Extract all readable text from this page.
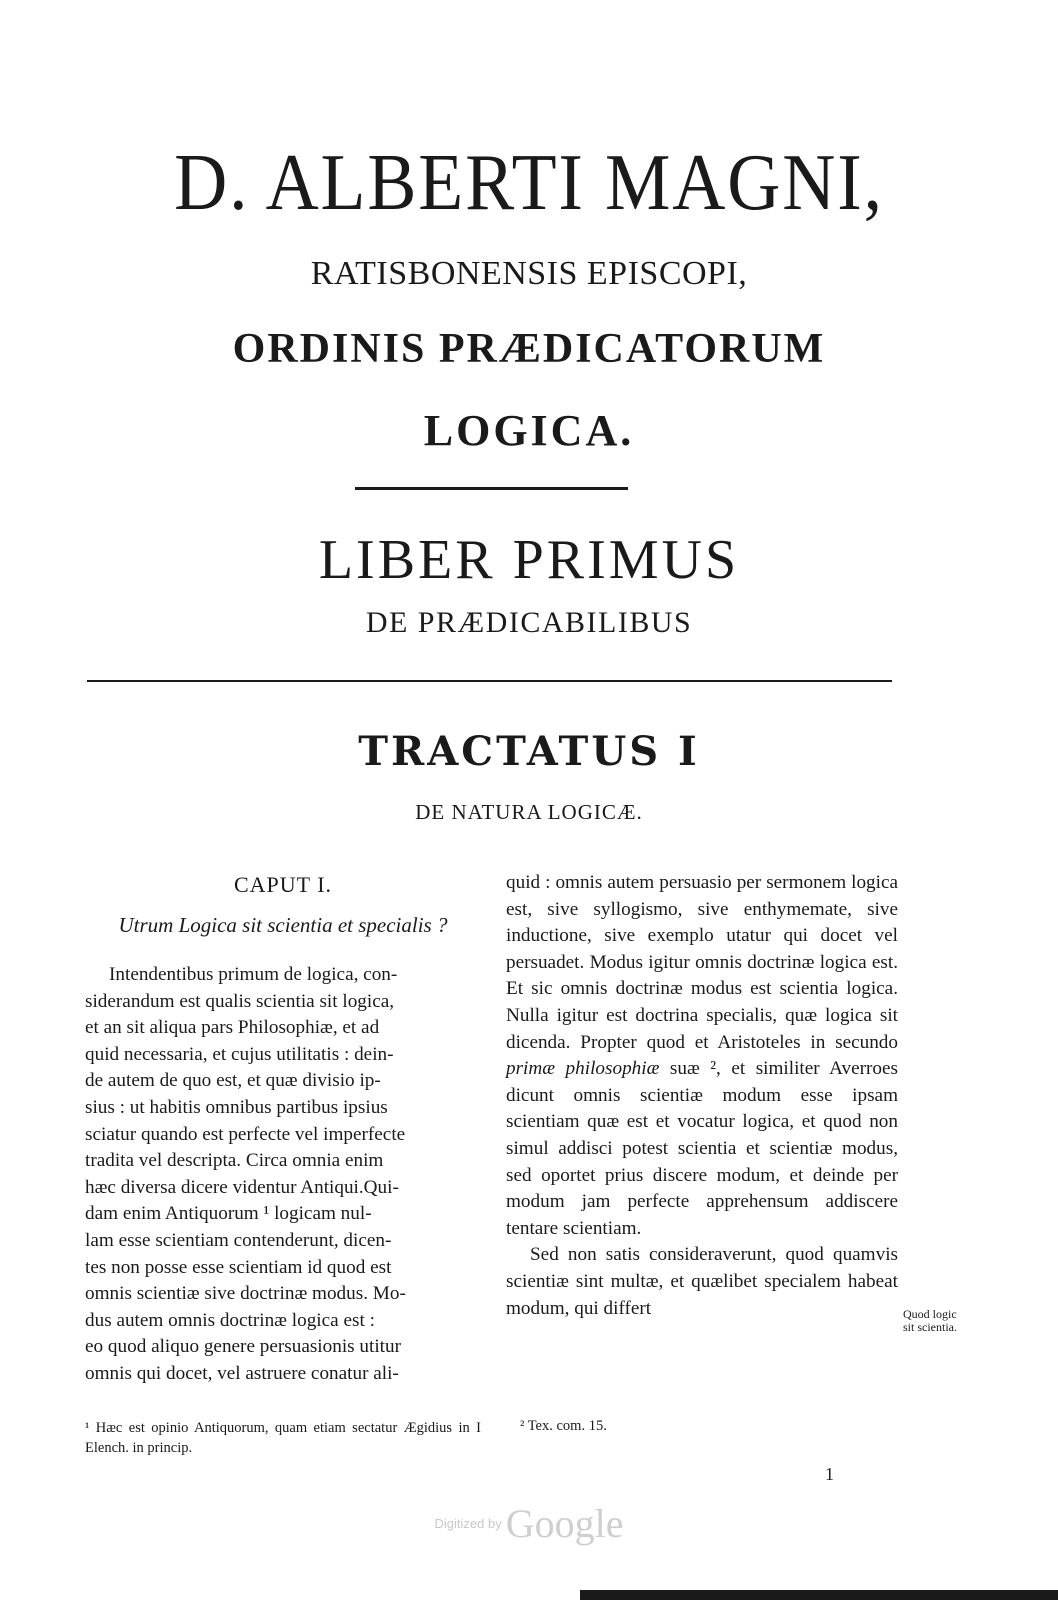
D. ALBERTI MAGNI,
RATISBONENSIS EPISCOPI,
ORDINIS PRÆDICATORUM
LOGICA.
LIBER PRIMUS
DE PRÆDICABILIBUS
TRACTATUS I
DE NATURA LOGICÆ.
CAPUT I.
Utrum Logica sit scientia et specialis ?
Intendentibus primum de logica, con-
siderandum est qualis scientia sit logica,
et an sit aliqua pars Philosophiæ, et ad
quid necessaria, et cujus utilitatis : dein-
de autem de quo est, et quæ divisio ip-
sius : ut habitis omnibus partibus ipsius
sciatur quando est perfecte vel imperfecte
tradita vel descripta. Circa omnia enim
hæc diversa dicere videntur Antiqui.Qui-
dam enim Antiquorum ¹ logicam nul-
lam esse scientiam contenderunt, dicen-
tes non posse esse scientiam id quod est
omnis scientiæ sive doctrinæ modus. Mo-
dus autem omnis doctrinæ logica est :
eo quod aliquo genere persuasionis utitur
omnis qui docet, vel astruere conatur ali-

quid : omnis autem persuasio per sermonem logica est, sive syllogismo, sive enthymemate, sive inductione, sive exemplo utatur qui docet vel persuadet. Modus igitur omnis doctrinæ logica est. Et sic omnis doctrinæ modus est scientia logica. Nulla igitur est doctrina specialis, quæ logica sit dicenda. Propter quod et Aristoteles in secundo primæ philosophiæ suæ ², et similiter Averroes dicunt omnis scientiæ modum esse ipsam scientiam quæ est et vocatur logica, et quod non simul addisci potest scientia et scientiæ modus, sed oportet prius discere modum, et deinde per modum jam perfecte apprehensum addiscere tentare scientiam.

Sed non satis consideraverunt, quod quamvis scientiæ sint multæ, et quælibet specialem habeat modum, qui differt	Quod logic
sit scientia.
¹ Hæc est opinio Antiquorum, quam etiam sectatur Ægidius in I Elench. in princip.
² Tex. com. 15.
1
Digitized by Google
